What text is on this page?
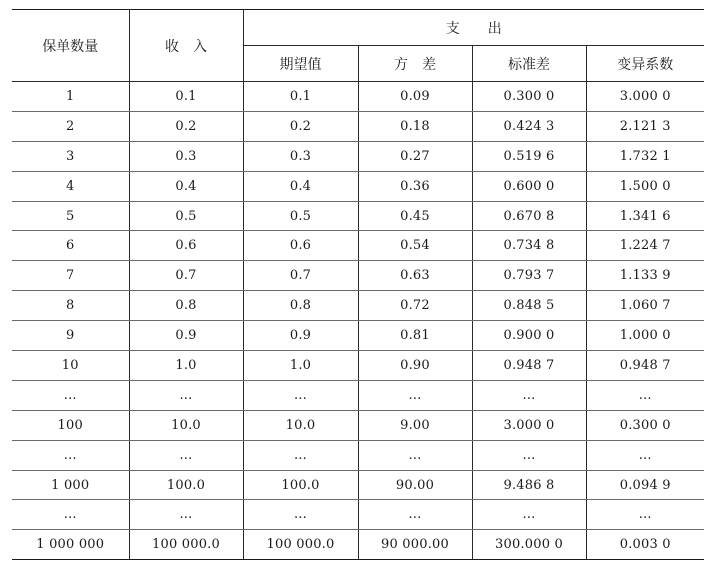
保单数量	收　入	支　　出			
		期望值	方　差	标准差	变异系数
1	0.1	0.1	0.09	0.300 0	3.000 0
2	0.2	0.2	0.18	0.424 3	2.121 3
3	0.3	0.3	0.27	0.519 6	1.732 1
4	0.4	0.4	0.36	0.600 0	1.500 0
5	0.5	0.5	0.45	0.670 8	1.341 6
6	0.6	0.6	0.54	0.734 8	1.224 7
7	0.7	0.7	0.63	0.793 7	1.133 9
8	0.8	0.8	0.72	0.848 5	1.060 7
9	0.9	0.9	0.81	0.900 0	1.000 0
10	1.0	1.0	0.90	0.948 7	0.948 7
…	…	…	…	…	…
100	10.0	10.0	9.00	3.000 0	0.300 0
…	…	…	…	…	…
1 000	100.0	100.0	90.00	9.486 8	0.094 9
…	…	…	…	…	…
1 000 000	100 000.0	100 000.0	90 000.00	300.000 0	0.003 0
